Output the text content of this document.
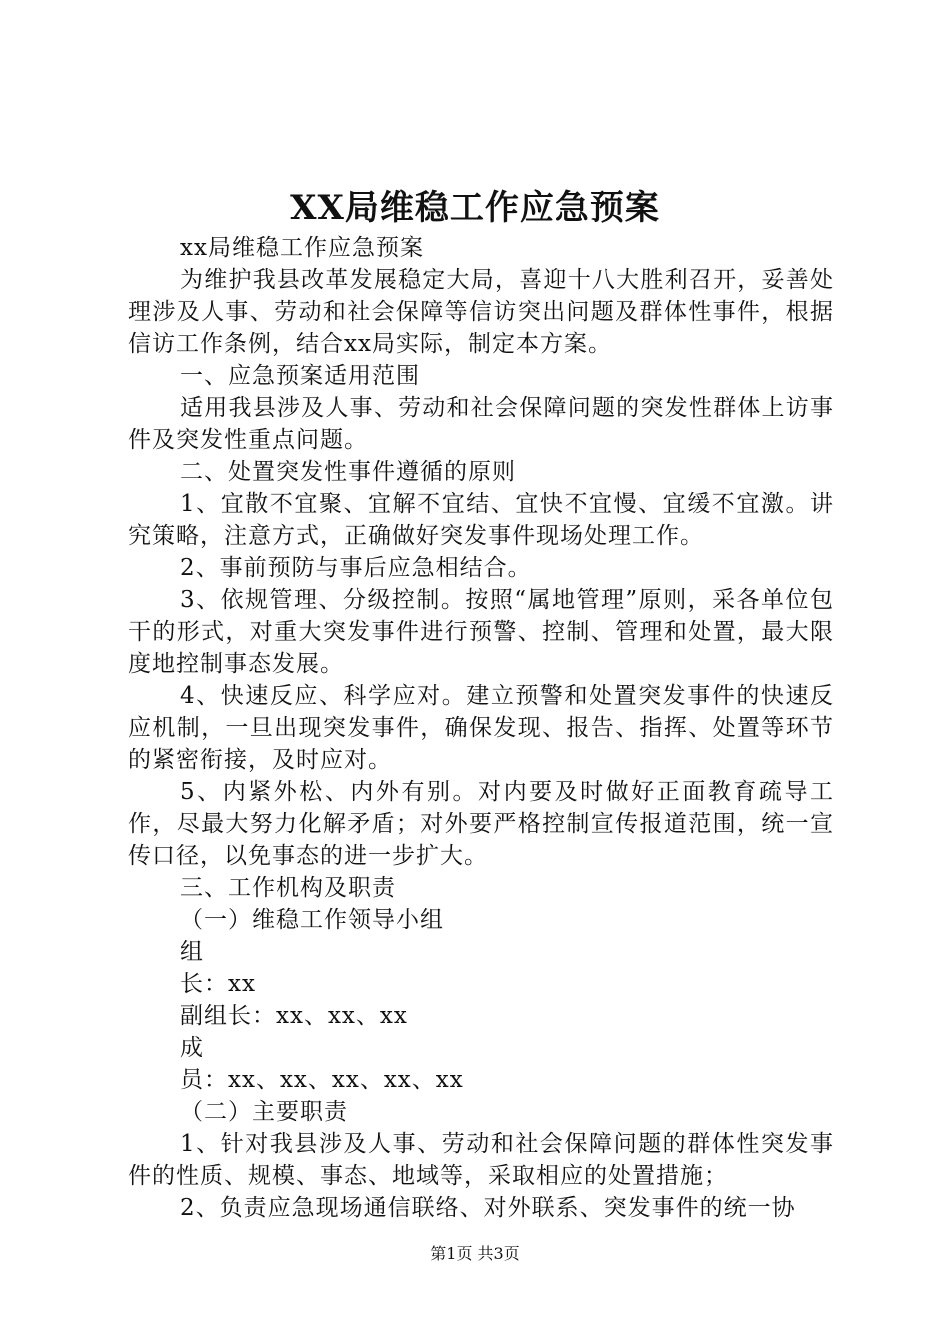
XX局维稳工作应急预案

xx局维稳工作应急预案

为维护我县改革发展稳定大局，喜迎十八大胜利召开，妥善处理涉及人事、劳动和社会保障等信访突出问题及群体性事件，根据信访工作条例，结合xx局实际，制定本方案。

一、应急预案适用范围

适用我县涉及人事、劳动和社会保障问题的突发性群体上访事件及突发性重点问题。

二、处置突发性事件遵循的原则

1、宜散不宜聚、宜解不宜结、宜快不宜慢、宜缓不宜激。讲究策略，注意方式，正确做好突发事件现场处理工作。

2、事前预防与事后应急相结合。

3、依规管理、分级控制。按照“属地管理”原则，采各单位包干的形式，对重大突发事件进行预警、控制、管理和处置，最大限度地控制事态发展。

4、快速反应、科学应对。建立预警和处置突发事件的快速反应机制，一旦出现突发事件，确保发现、报告、指挥、处置等环节的紧密衔接，及时应对。

5、内紧外松、内外有别。对内要及时做好正面教育疏导工作，尽最大努力化解矛盾；对外要严格控制宣传报道范围，统一宣传口径，以免事态的进一步扩大。

三、工作机构及职责

（一）维稳工作领导小组

组

长：xx

副组长：xx、xx、xx

成

员：xx、xx、xx、xx、xx

（二）主要职责

1、针对我县涉及人事、劳动和社会保障问题的群体性突发事件的性质、规模、事态、地域等，采取相应的处置措施；

2、负责应急现场通信联络、对外联系、突发事件的统一协

第1页 共3页
